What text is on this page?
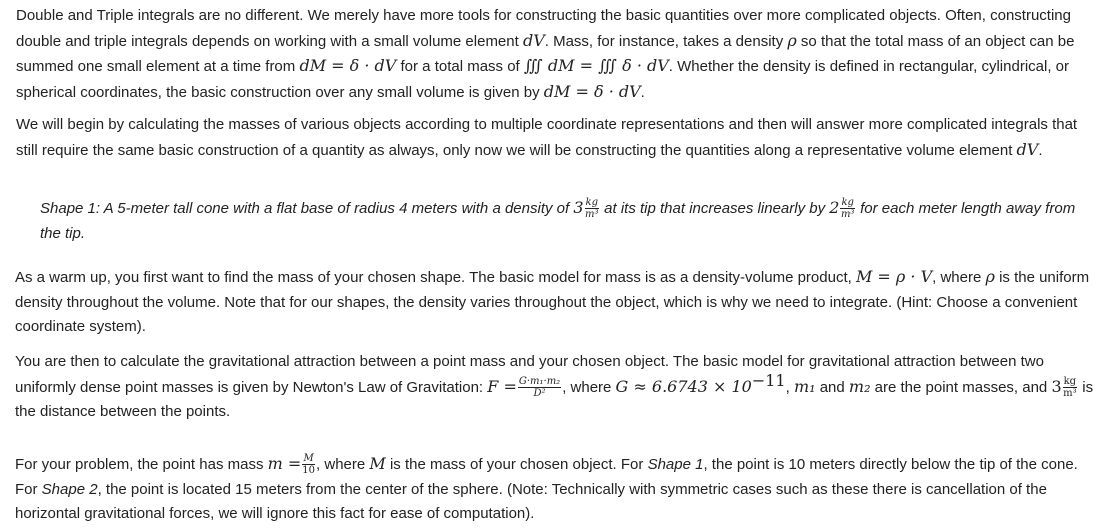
Double and Triple integrals are no different. We merely have more tools for constructing the basic quantities over more complicated objects. Often, constructing double and triple integrals depends on working with a small volume element dV. Mass, for instance, takes a density ρ so that the total mass of an object can be summed one small element at a time from dM = δ · dV for a total mass of ∭ dM = ∭ δ · dV. Whether the density is defined in rectangular, cylindrical, or spherical coordinates, the basic construction over any small volume is given by dM = δ · dV.

We will begin by calculating the masses of various objects according to multiple coordinate representations and then will answer more complicated integrals that still require the same basic construction of a quantity as always, only now we will be constructing the quantities along a representative volume element dV.

Shape 1: A 5-meter tall cone with a flat base of radius 4 meters with a density of $3 \frac{kg}{\text{m³}}$ at its tip that increases linearly by $2 \frac{kg}{\text{m³}}$ for each meter length away from the tip.

As a warm up, you first want to find the mass of your chosen shape. The basic model for mass is as a density-volume product, M = ρ · V, where ρ is the uniform density throughout the volume. Note that for our shapes, the density varies throughout the object, which is why we need to integrate. (Hint: Choose a convenient coordinate system).

You are then to calculate the gravitational attraction between a point mass and your chosen object. The basic model for gravitational attraction between two uniformly dense point masses is given by Newton's Law of Gravitation: $F = \frac{\text{G·m₁·m₂}}{\text{D²}}$ , where $G \approx 6.6743 \times 10^{-11}$, m₁ and m₂ are the point masses, and $3 \frac{kg}{\text{m³}}$ is the distance between the points.

For your problem, the point has mass $m = \frac{M}{10}$ , where M is the mass of your chosen object. For Shape 1, the point is 10 meters directly below the tip of the cone. For Shape 2, the point is located 15 meters from the center of the sphere. (Note: Technically with symmetric cases such as these there is cancellation of the horizontal gravitational forces, we will ignore this fact for ease of computation).
